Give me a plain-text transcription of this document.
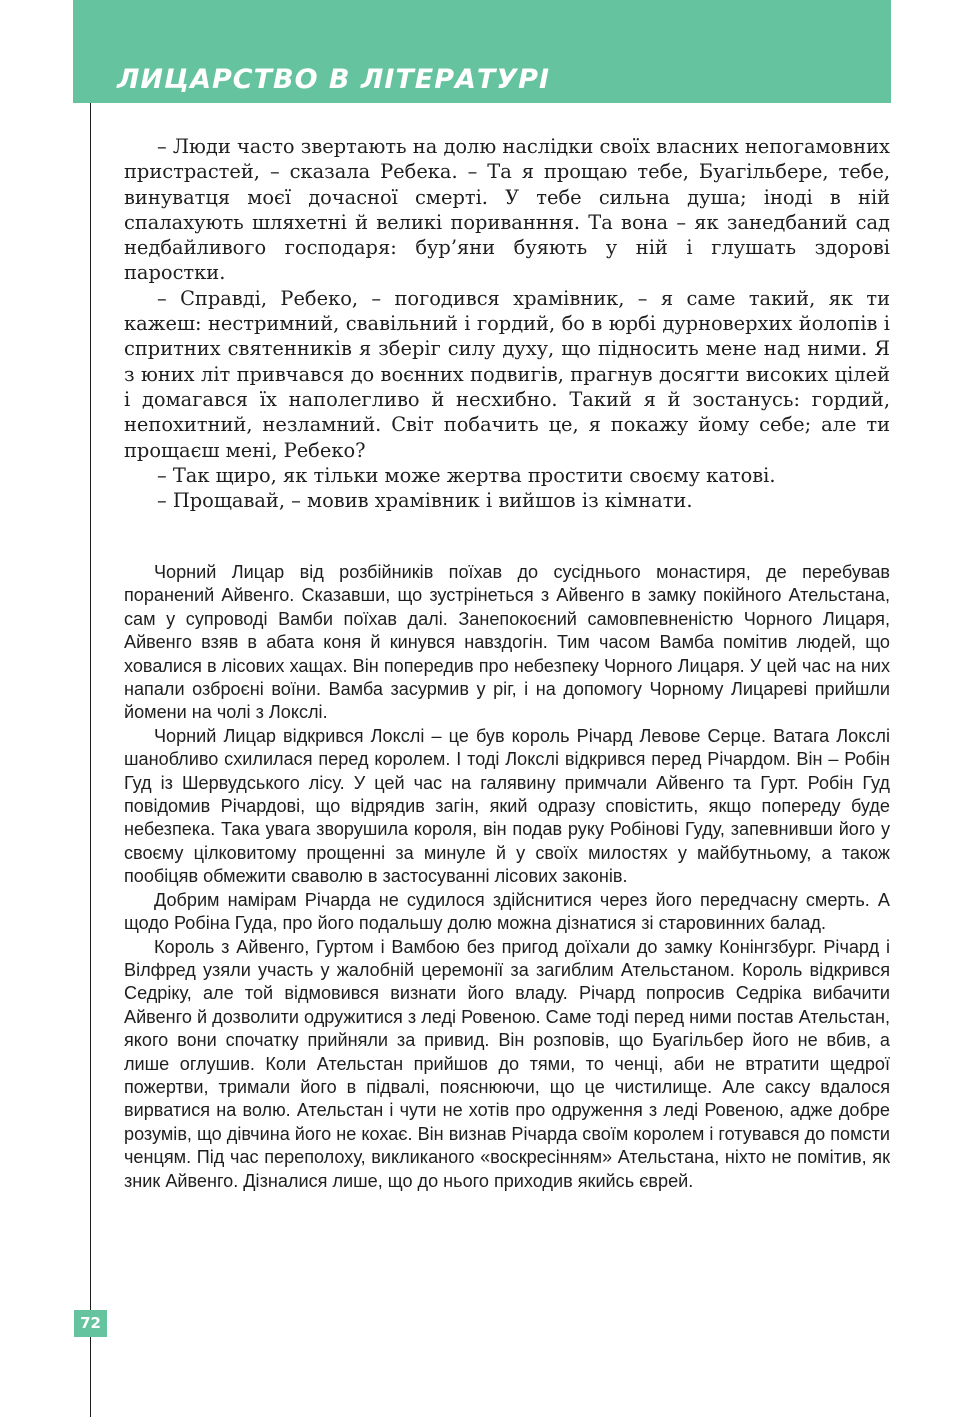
ЛИЦАРСТВО В ЛІТЕРАТУРІ

– Люди часто звертають на долю наслідки своїх власних непогамовних пристрастей, – сказала Ребека. – Та я прощаю тебе, Буагільбере, тебе, винуватця моєї дочасної смерті. У тебе сильна душа; іноді в ній спалахують шляхетні й великі пориванння. Та вона – як занедбаний сад недбайливого господаря: бур’яни буяють у ній і глушать здорові паростки.

– Справді, Ребеко, – погодився храмівник, – я саме такий, як ти кажеш: нестримний, свавільний і гордий, бо в юрбі дурноверхих йолопів і спритних святенників я зберіг силу духу, що підносить мене над ними. Я з юних літ привчався до воєнних подвигів, прагнув досягти високих цілей і домагався їх наполегливо й несхибно. Такий я й зостанусь: гордий, непохитний, незламний. Світ побачить це, я покажу йому себе; але ти прощаєш мені, Ребеко?

– Так щиро, як тільки може жертва простити своєму катові.

– Прощавай, – мовив храмівник і вийшов із кімнати.

Чорний Лицар від розбійників поїхав до сусіднього монастиря, де перебував поранений Айвенго. Сказавши, що зустрінеться з Айвенго в замку покійного Ательстана, сам у супроводі Вамби поїхав далі. Занепокоєний самовпевненістю Чорного Лицаря, Айвенго взяв в абата коня й кинувся навздогін. Тим часом Вамба помітив людей, що ховалися в лісових хащах. Він попередив про небезпеку Чорного Лицаря. У цей час на них напали озброєні воїни. Вамба засурмив у ріг, і на допомогу Чорному Лицареві прийшли йомени на чолі з Локслі.

Чорний Лицар відкрився Локслі – це був король Річард Левове Серце. Ватага Локслі шанобливо схилилася перед королем. І тоді Локслі відкрився перед Річардом. Він – Робін Гуд із Шервудського лісу. У цей час на галявину примчали Айвенго та Гурт. Робін Гуд повідомив Річардові, що відрядив загін, який одразу сповістить, якщо попереду буде небезпека. Така увага зворушила короля, він подав руку Робінові Гуду, запевнивши його у своєму цілковитому прощенні за минуле й у своїх милостях у майбутньому, а також пообіцяв обмежити сваволю в застосуванні лісових законів.

Добрим намірам Річарда не судилося здійснитися через його передчасну смерть. А щодо Робіна Гуда, про його подальшу долю можна дізнатися зі старовинних балад.

Король з Айвенго, Гуртом і Вамбою без пригод доїхали до замку Конінгзбург. Річард і Вілфред узяли участь у жалобній церемонії за загиблим Ательстаном. Король відкрився Седріку, але той відмовився визнати його владу. Річард попросив Седріка вибачити Айвенго й дозволити одружитися з леді Ровеною. Саме тоді перед ними постав Ательстан, якого вони спочатку прийняли за привид. Він розповів, що Буагільбер його не вбив, а лише оглушив. Коли Ательстан прийшов до тями, то ченці, аби не втратити щедрої пожертви, тримали його в підвалі, пояснюючи, що це чистилище. Але саксу вдалося вирватися на волю. Ательстан і чути не хотів про одруження з леді Ровеною, адже добре розумів, що дівчина його не кохає. Він визнав Річарда своїм королем і готувався до помсти ченцям. Під час переполоху, викликаного «воскресінням» Ательстана, ніхто не помітив, як зник Айвенго. Дізналися лише, що до нього приходив якийсь єврей.

72
